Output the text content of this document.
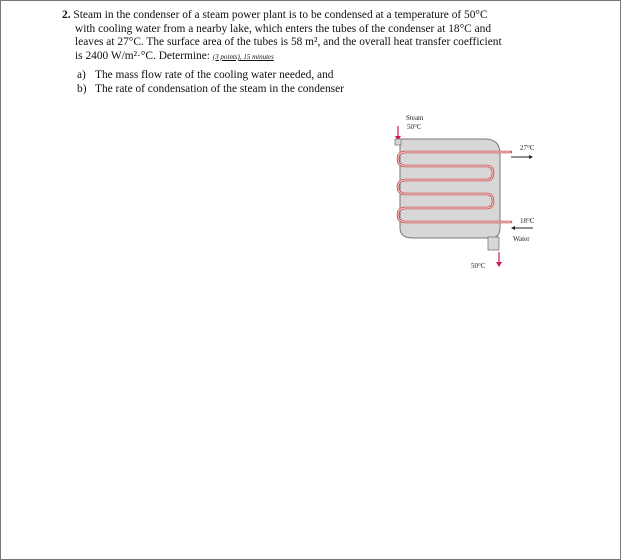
2. Steam in the condenser of a steam power plant is to be condensed at a temperature of 50°C
with cooling water from a nearby lake, which enters the tubes of the condenser at 18°C and
leaves at 27°C. The surface area of the tubes is 58 m², and the overall heat transfer coefficient
is 2400 W/m²·°C. Determine: (3 points), 15 minutes
a) The mass flow rate of the cooling water needed, and
b) The rate of condensation of the steam in the condenser
Steam
50°C
27°C
18°C
Water
50°C
